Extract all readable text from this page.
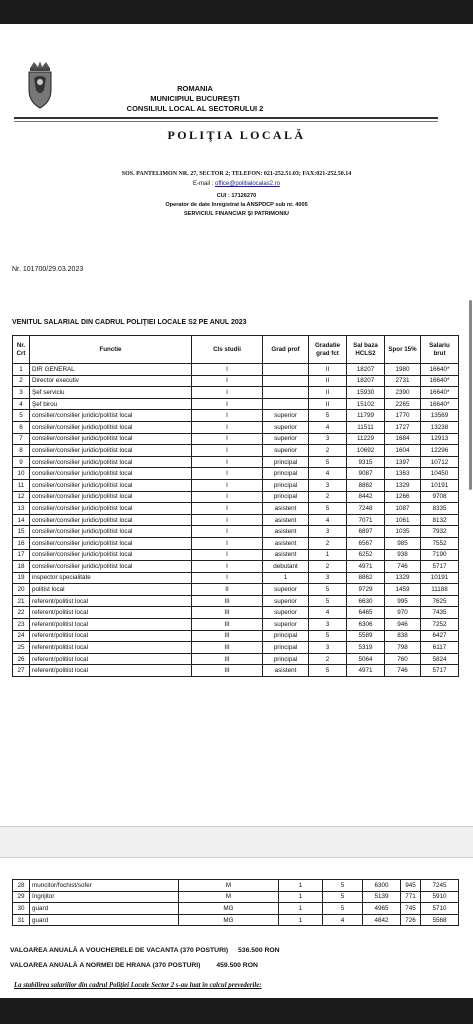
ROMANIA
MUNICIPIUL BUCUREŞTI
CONSILIUL LOCAL AL SECTORULUI 2
POLIŢIA LOCALĂ
SOS. PANTELIMON NR. 27, SECTOR 2; TELEFON: 021-252.51.03; FAX:021-252.50.14
E-mail : office@politialocalas2.ro
CUI : 17126270
Operator de date înregistrat la ANSPDCP sub nr. 4005
SERVICIUL FINANCIAR ŞI PATRIMONIU
Nr. 101700/29.03.2023
VENITUL SALARIAL DIN CADRUL POLIŢIEI LOCALE S2 PE ANUL 2023
Nr. Crt	Functie	Cls studii	Grad prof	Gradatie grad fct	Sal baza HCLS2	Spor 15%	Salariu brut
1	DIR GENERAL	I		II	18207	1980	16640*
2	Director executiv	I		II	18207	2731	16640*
3	Şef serviciu	I		II	15930	2390	16640*
4	Şef birou	I		II	15102	2265	16640*
5	consilier/consilier juridic/politist local	I	superior	5	11799	1770	13569
6	consilier/consilier juridic/politist local	I	superior	4	11511	1727	13238
7	consilier/consilier juridic/politist local	I	superior	3	11229	1684	12913
8	consilier/consilier juridic/politist local	I	superior	2	10692	1604	12296
9	consilier/consilier juridic/politist local	I	principal	5	9315	1397	10712
10	consilier/consilier juridic/politist local	I	principal	4	9087	1363	10450
11	consilier/consilier juridic/politist local	I	principal	3	8862	1329	10191
12	consilier/consilier juridic/politist local	I	principal	2	8442	1266	9708
13	consilier/consilier juridic/politist local	I	asistent	5	7248	1087	8335
14	consilier/consilier juridic/politist local	I	asistent	4	7071	1061	8132
15	consilier/consilier juridic/politist local	I	asistent	3	6897	1035	7932
16	consilier/consilier juridic/politist local	I	asistent	2	6567	985	7552
17	consilier/consilier juridic/politist local	I	asistent	1	6252	938	7190
18	consilier/consilier juridic/politist local	I	debutant	2	4971	746	5717
19	inspector specialitate	I	1	3	8862	1329	10191
20	politist local	II	superior	5	9729	1459	11188
21	referent/politist local	III	superior	5	6630	995	7625
22	referent/politist local	III	superior	4	6465	970	7435
23	referent/politist local	III	superior	3	6306	946	7252
24	referent/politist local	III	principal	5	5589	838	6427
25	referent/politist local	III	principal	3	5319	798	6117
26	referent/politist local	III	principal	2	5064	760	5824
27	referent/politist local	III	asistent	5	4971	746	5717
28	muncitor/fochist/sofer	M	1	5	6300	945	7245
29	îngrijitor	M	1	5	5139	771	5910
30	guard	MG	1	5	4965	745	5710
31	guard	MG	1	4	4842	726	5568
VALOAREA ANUALĂ A VOUCHERELE DE VACANTA (370 POSTURI) 536.500 RON
VALOAREA ANUALĂ A NORMEI DE HRANA (370 POSTURI) 459.500 RON
La stabilirea salariilor din cadrul Poliţiei Locale Sector 2 s-au luat în calcul prevederile:
